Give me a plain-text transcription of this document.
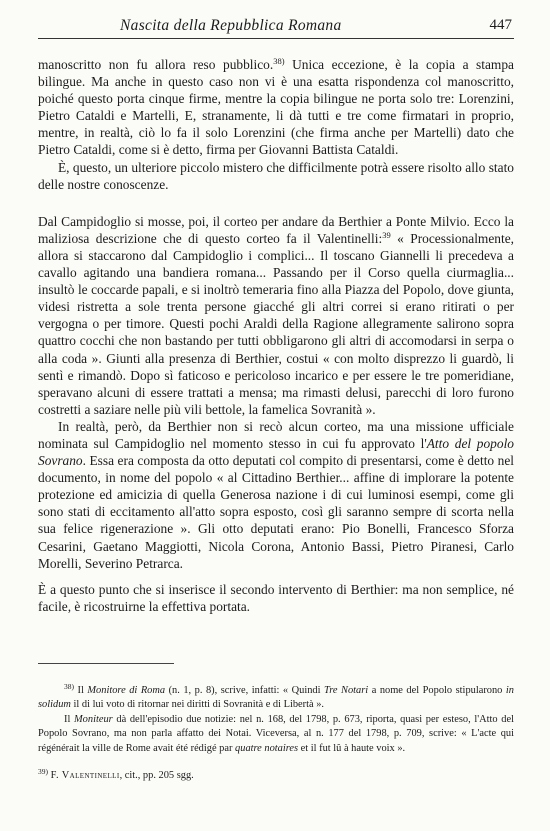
Nascita della Repubblica Romana	447

manoscritto non fu allora reso pubblico.$^{38)}$ Unica eccezione, è la copia a stampa bilingue. Ma anche in questo caso non vi è una esatta rispondenza col manoscritto, poiché questo porta cinque firme, mentre la copia bilingue ne porta solo tre: Lorenzini, Pietro Cataldi e Martelli, E, stranamente, li dà tutti e tre come firmatari in proprio, mentre, in realtà, ciò lo fa il solo Lorenzini (che firma anche per Martelli) dato che Pietro Cataldi, come si è detto, firma per Giovanni Battista Cataldi.

È, questo, un ulteriore piccolo mistero che difficilmente potrà essere risolto allo stato delle nostre conoscenze.

Dal Campidoglio si mosse, poi, il corteo per andare da Berthier a Ponte Milvio. Ecco la maliziosa descrizione che di questo corteo fa il Valentinelli:$^{39}$ « Processionalmente, allora si staccarono dal Campidoglio i complici... Il toscano Giannelli li precedeva a cavallo agitando una bandiera romana... Passando per il Corso quella ciurmaglia... insultò le coccarde papali, e si inoltrò temeraria fino alla Piazza del Popolo, dove giunta, videsi ristretta a sole trenta persone giacché gli altri correi si erano ritirati o per vergogna o per timore. Questi pochi Araldi della Ragione allegramente salirono sopra quattro cocchi che non bastando per tutti obbligarono gli altri di accomodarsi in serpa o alla coda ». Giunti alla presenza di Berthier, costui « con molto disprezzo li guardò, li sentì e rimandò. Dopo sì faticoso e pericoloso incarico e per essere le tre pomeridiane, speravano alcuni di essere trattati a mensa; ma rimasti delusi, parecchi di loro furono costretti a saziare nelle più vili bettole, la famelica Sovranità ».

In realtà, però, da Berthier non si recò alcun corteo, ma una missione ufficiale nominata sul Campidoglio nel momento stesso in cui fu approvato l'Atto del popolo Sovrano. Essa era composta da otto deputati col compito di presentarsi, come è detto nel documento, in nome del popolo « al Cittadino Berthier... affine di implorare la potente protezione ed amicizia di quella Generosa nazione i di cui luminosi esempi, come gli sono stati di eccitamento all'atto sopra esposto, così gli saranno sempre di scorta nella sua felice rigenerazione ». Gli otto deputati erano: Pio Bonelli, Francesco Sforza Cesarini, Gaetano Maggiotti, Nicola Corona, Antonio Bassi, Pietro Piranesi, Carlo Morelli, Severino Petrarca.

È a questo punto che si inserisce il secondo intervento di Berthier: ma non semplice, né facile, è ricostruirne la effettiva portata.

$^{38)}$ Il Monitore di Roma (n. 1, p. 8), scrive, infatti: « Quindi Tre Notari a nome del Popolo stipularono in solidum il di lui voto di ritornar nei diritti di Sovranità e di Libertà ».

Il Moniteur dà dell'episodio due notizie: nel n. 168, del 1798, p. 673, riporta, quasi per esteso, l'Atto del Popolo Sovrano, ma non parla affatto dei Notai. Viceversa, al n. 177 del 1798, p. 709, scrive: « L'acte qui régénérait la ville de Rome avait été rédigé par quatre notaires et il fut lû à haute voix ».

$^{39)}$ F. Valentinelli, cit., pp. 205 sgg.
